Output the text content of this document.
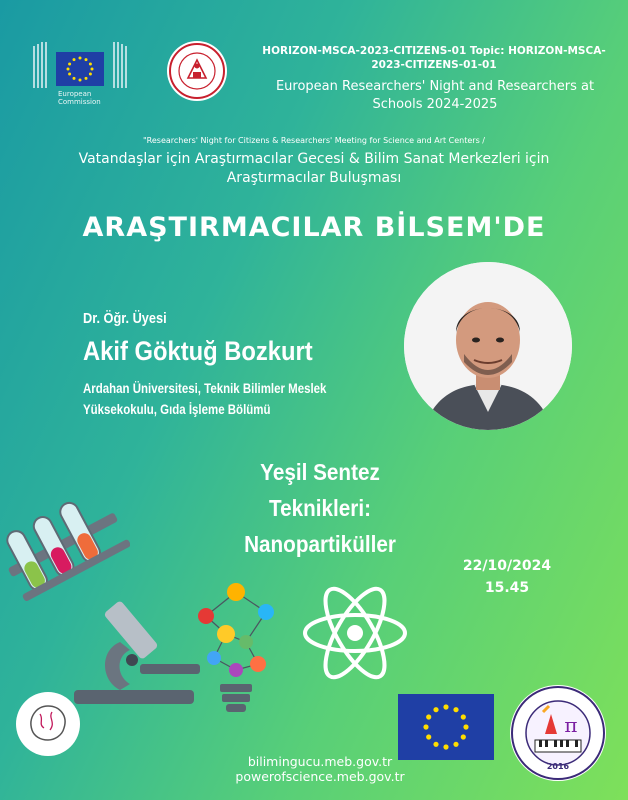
European Commission
HORIZON-MSCA-2023-CITIZENS-01 Topic: HORIZON-MSCA-2023-CITIZENS-01-01
European Researchers' Night and Researchers at Schools 2024-2025
"Researchers' Night for Citizens & Researchers' Meeting for Science and Art Centers /
Vatandaşlar için Araştırmacılar Gecesi & Bilim Sanat Merkezleri için Araştırmacılar Buluşması
ARAŞTIRMACILAR BİLSEM'DE
Dr. Öğr. Üyesi
Akif Göktuğ Bozkurt
Ardahan Üniversitesi, Teknik Bilimler Meslek Yüksekokulu, Gıda İşleme Bölümü
Yeşil Sentez
Teknikleri:
Nanopartiküller
22/10/2024
15.45
π
2016
bilimingucu.meb.gov.tr
powerofscience.meb.gov.tr
